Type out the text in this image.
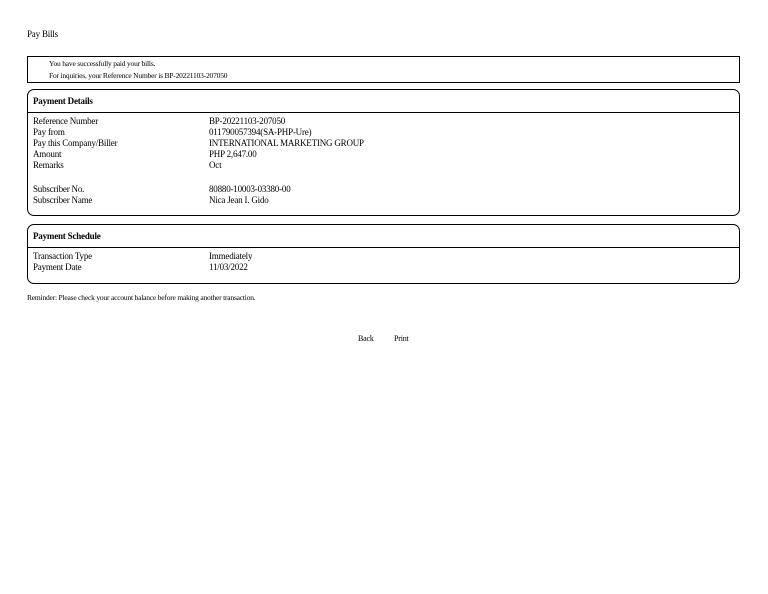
Pay Bills
You have successfully paid your bills.
For inquiries, your Reference Number is BP-20221103-207050
Payment Details
Reference Number	BP-20221103-207050
Pay from	011790057394(SA-PHP-Ure)
Pay this Company/Biller	INTERNATIONAL MARKETING GROUP
Amount	PHP 2,647.00
Remarks	Oct
Subscriber No.	80880-10003-03380-00
Subscriber Name	Nica Jean I. Gido
Payment Schedule
Transaction Type	Immediately
Payment Date	11/03/2022
Reminder: Please check your account balance before making another transaction.
Back	Print
